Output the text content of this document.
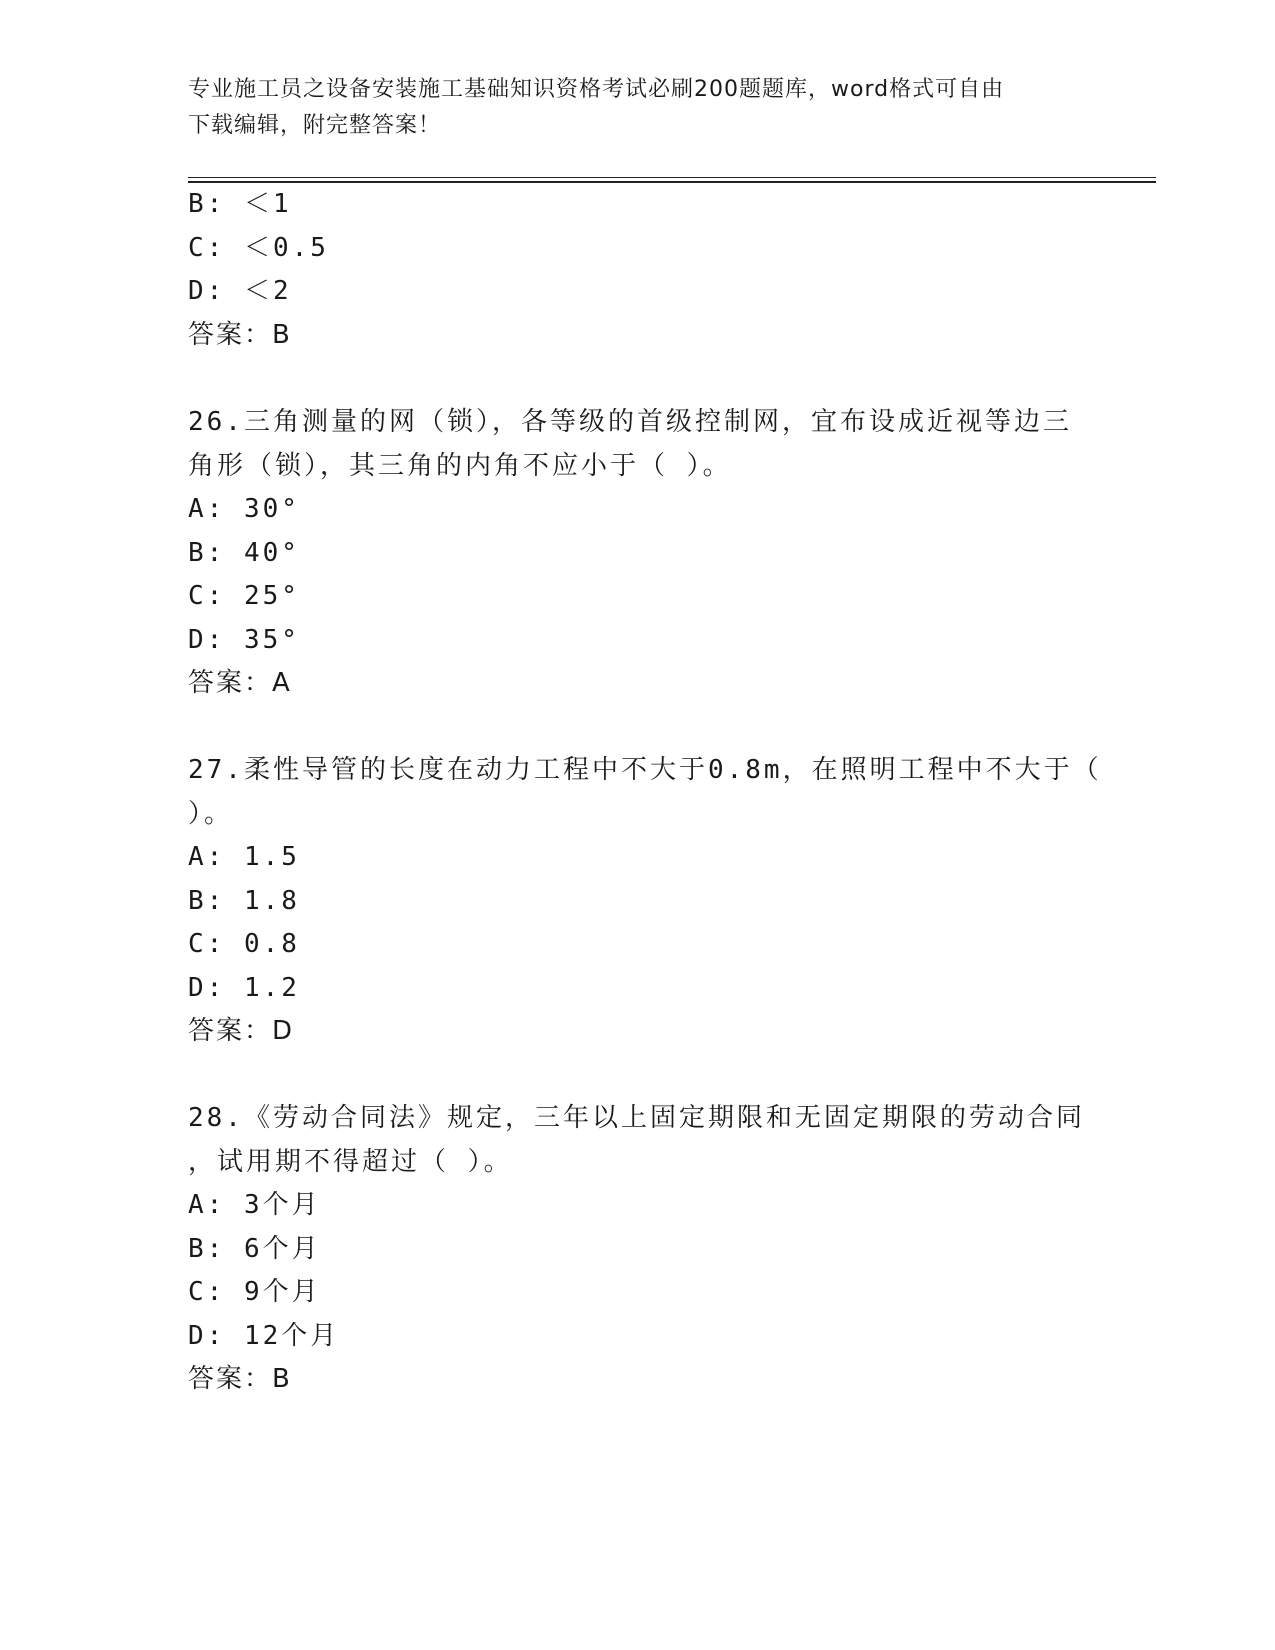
专业施工员之设备安装施工基础知识资格考试必刷200题题库，word格式可自由
下载编辑，附完整答案！
B: ＜1
C: ＜0.5
D: ＜2
答案：B
26.三角测量的网（锁），各等级的首级控制网，宜布设成近视等边三
角形（锁），其三角的内角不应小于（ ）。
A: 30°
B: 40°
C: 25°
D: 35°
答案：A
27.柔性导管的长度在动力工程中不大于0.8m，在照明工程中不大于（
）。
A: 1.5
B: 1.8
C: 0.8
D: 1.2
答案：D
28.《劳动合同法》规定，三年以上固定期限和无固定期限的劳动合同
，试用期不得超过（ ）。
A: 3个月
B: 6个月
C: 9个月
D: 12个月
答案：B
